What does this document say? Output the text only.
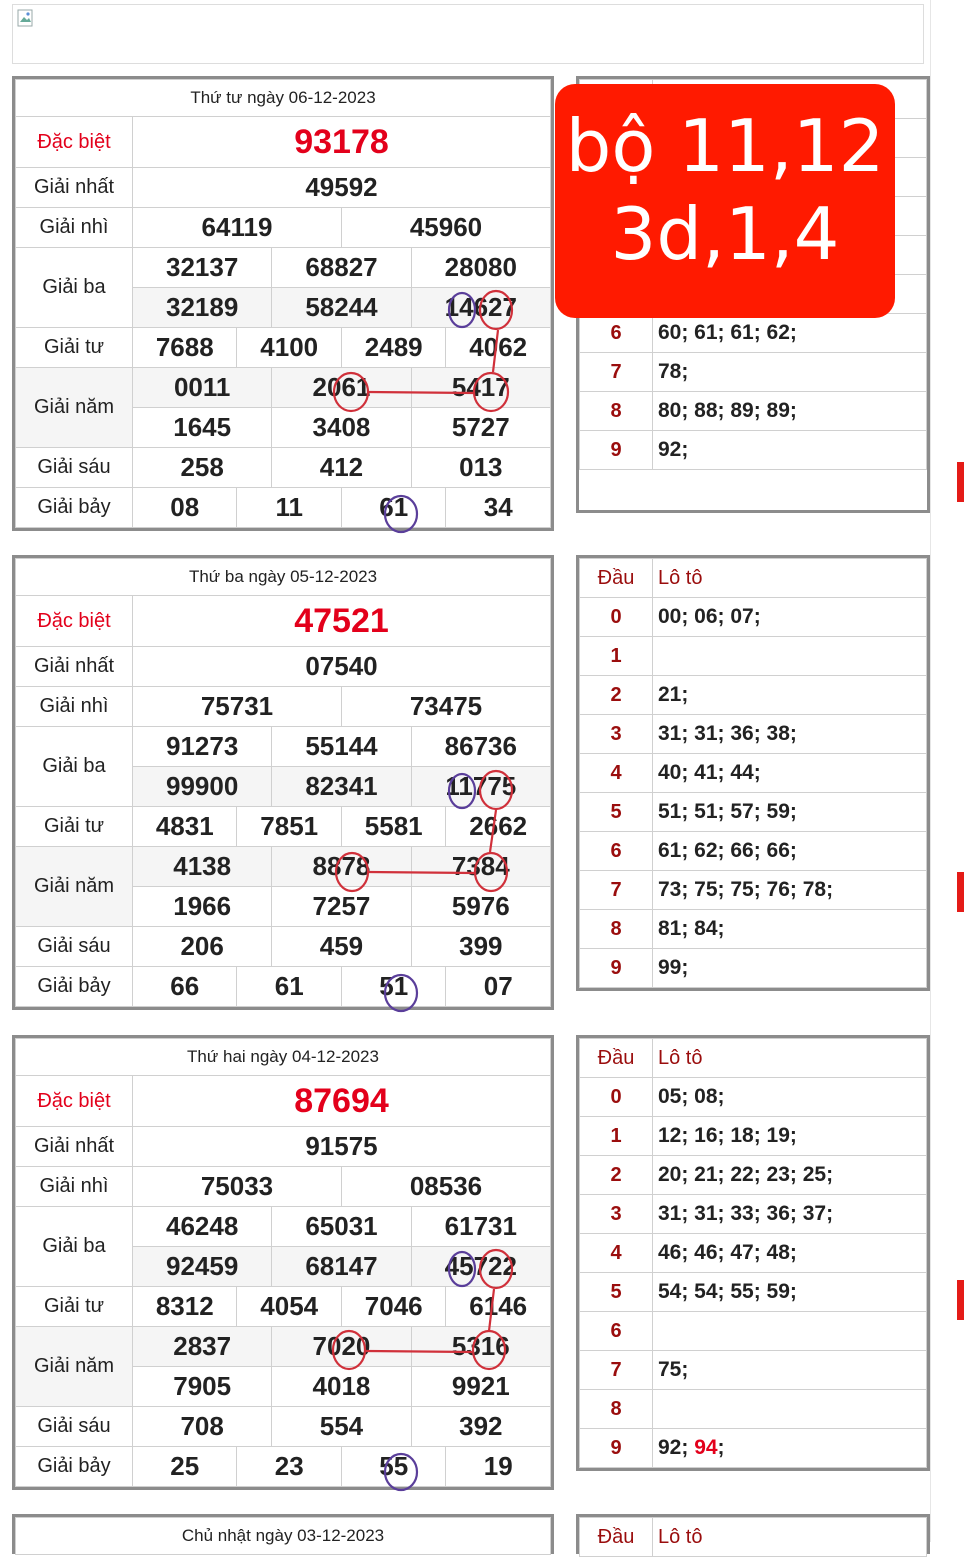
Thứ tư ngày 06-12-2023						
Đặc biệt	93178					
Giải nhất	49592					
Giải nhì	64119			45960		
Giải ba	32137		68827		28080	
	32189		58244		14627	
Giải tư	7688	4100		2489		4062
Giải năm	0011		2061		5417	
	1645		3408		5727	
Giải sáu	258		412		013	
Giải bảy	08	11		61		34
Thứ ba ngày 05-12-2023						
Đặc biệt	47521					
Giải nhất	07540					
Giải nhì	75731			73475		
Giải ba	91273		55144		86736	
	99900		82341		11775	
Giải tư	4831	7851		5581		2662
Giải năm	4138		8878		7384	
	1966		7257		5976	
Giải sáu	206		459		399	
Giải bảy	66	61		51		07
Thứ hai ngày 04-12-2023						
Đặc biệt	87694					
Giải nhất	91575					
Giải nhì	75033			08536		
Giải ba	46248		65031		61731	
	92459		68147		45722	
Giải tư	8312	4054		7046		6146
Giải năm	2837		7020		5316	
	7905		4018		9921	
Giải sáu	708		554		392	
Giải bảy	25	23		55		19
Chủ nhật ngày 03-12-2023

6	60; 61; 61; 62;
7	78;
8	80; 88; 89; 89;
9	92;
Đầu	Lô tô
0	00; 06; 07;
1	
2	21;
3	31; 31; 36; 38;
4	40; 41; 44;
5	51; 51; 57; 59;
6	61; 62; 66; 66;
7	73; 75; 75; 76; 78;
8	81; 84;
9	99;
Đầu	Lô tô
0	05; 08;
1	12; 16; 18; 19;
2	20; 21; 22; 23; 25;
3	31; 31; 33; 36; 37;
4	46; 46; 47; 48;
5	54; 54; 55; 59;
6	
7	75;
8	
9	92; 94;
Đầu	Lô tô
bộ 11,12
3d,1,4
